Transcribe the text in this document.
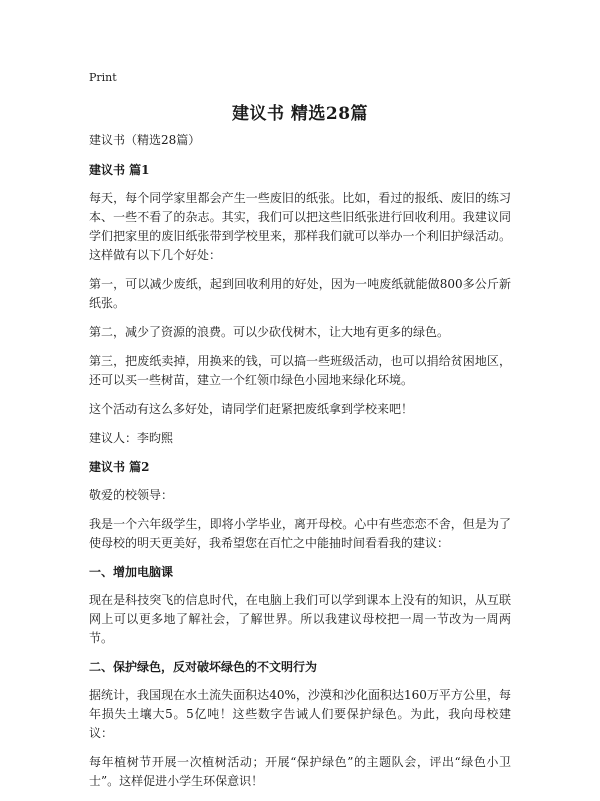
Print
建议书 精选28篇

建议书（精选28篇）

建议书 篇1

每天，每个同学家里都会产生一些废旧的纸张。比如，看过的报纸、废旧的练习本、一些不看了的杂志。其实，我们可以把这些旧纸张进行回收利用。我建议同学们把家里的废旧纸张带到学校里来，那样我们就可以举办一个利旧护绿活动。这样做有以下几个好处：

第一，可以减少废纸，起到回收利用的好处，因为一吨废纸就能做800多公斤新纸张。

第二，减少了资源的浪费。可以少砍伐树木，让大地有更多的绿色。

第三，把废纸卖掉，用换来的钱，可以搞一些班级活动，也可以捐给贫困地区，还可以买一些树苗，建立一个红领巾绿色小园地来绿化环境。

这个活动有这么多好处，请同学们赶紧把废纸拿到学校来吧！

建议人：李昀熙

建议书 篇2

敬爱的校领导：

我是一个六年级学生，即将小学毕业，离开母校。心中有些恋恋不舍，但是为了使母校的明天更美好，我希望您在百忙之中能抽时间看看我的建议：

一、增加电脑课

现在是科技突飞的信息时代，在电脑上我们可以学到课本上没有的知识，从互联网上可以更多地了解社会，了解世界。所以我建议母校把一周一节改为一周两节。

二、保护绿色，反对破坏绿色的不文明行为

据统计，我国现在水土流失面积达40%，沙漠和沙化面积达160万平方公里，每年损失土壤大5。5亿吨！这些数字告诫人们要保护绿色。为此，我向母校建议：

每年植树节开展一次植树活动；开展“保护绿色”的主题队会，评出“绿色小卫士”。这样促进小学生环保意识！
